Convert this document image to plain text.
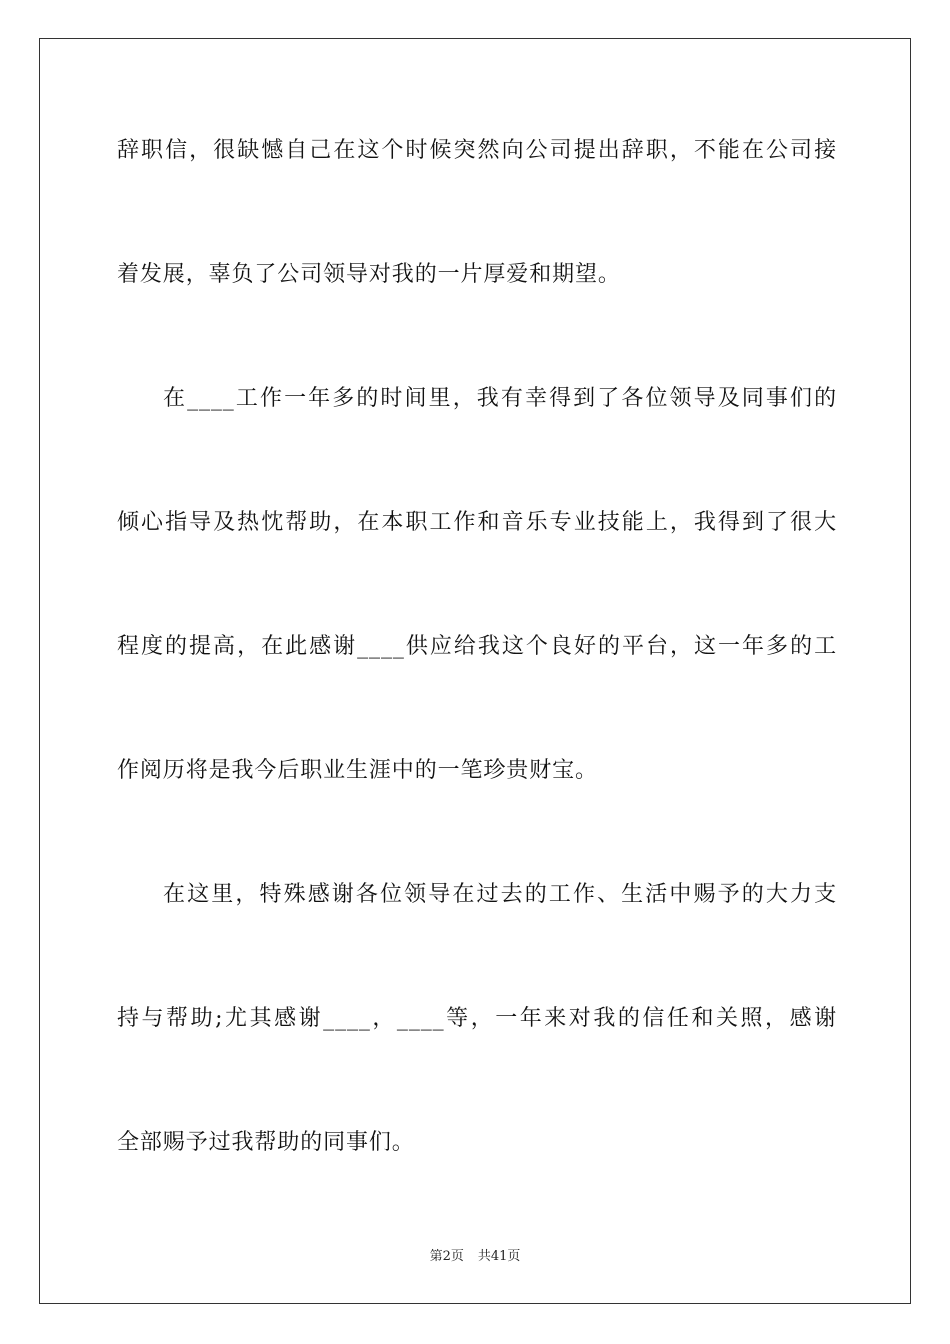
辞职信，很缺憾自己在这个时候突然向公司提出辞职，不能在公司接
着发展，辜负了公司领导对我的一片厚爱和期望。
在____工作一年多的时间里，我有幸得到了各位领导及同事们的
倾心指导及热忱帮助，在本职工作和音乐专业技能上，我得到了很大
程度的提高，在此感谢____供应给我这个良好的平台，这一年多的工
作阅历将是我今后职业生涯中的一笔珍贵财宝。
在这里，特殊感谢各位领导在过去的工作、生活中赐予的大力支
持与帮助;尤其感谢____，____等，一年来对我的信任和关照，感谢
全部赐予过我帮助的同事们。
第2页 共41页
